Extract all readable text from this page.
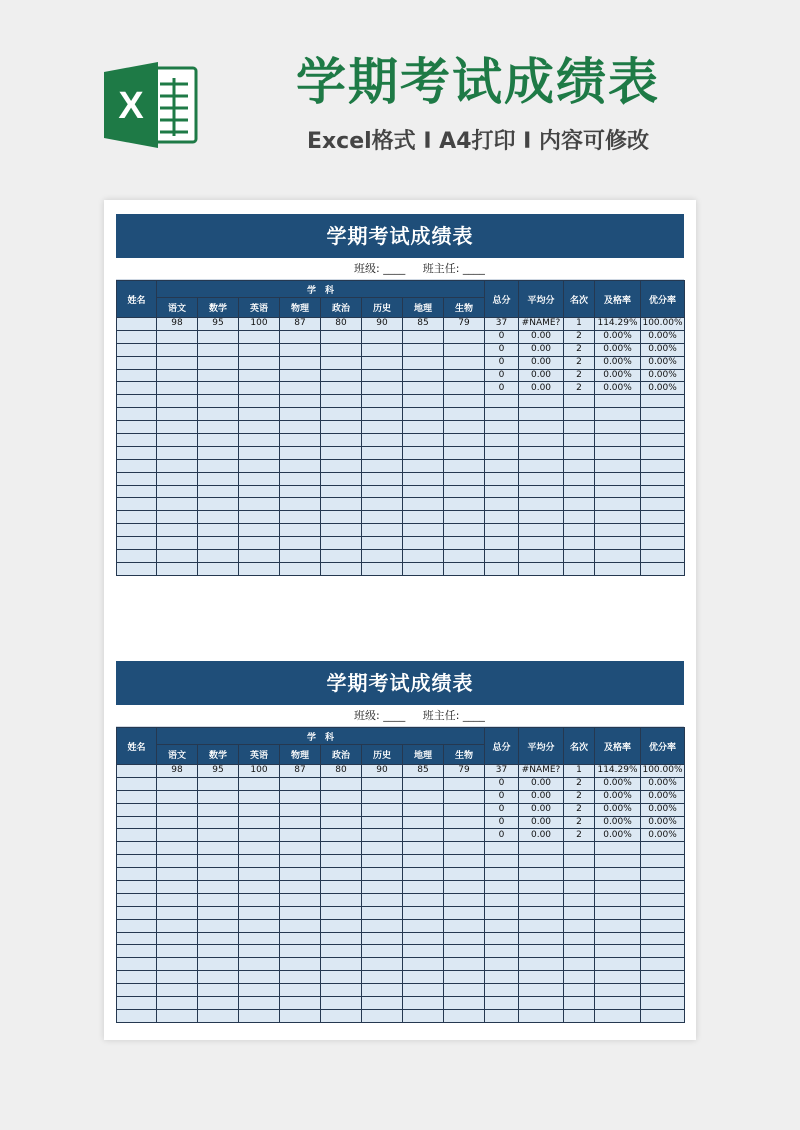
X	学期考试成绩表
Excel格式 Ι A4打印 Ι 内容可修改
学期考试成绩表
班级: ____ 班主任: ____
姓名	学　科								总分	平均分	名次	及格率	优分率
	语文	数学	英语	物理	政治	历史	地理	生物					
	98	95	100	87	80	90	85	79	37	#NAME?	1	114.29%	100.00%
									0	0.00	2	0.00%	0.00%
									0	0.00	2	0.00%	0.00%
									0	0.00	2	0.00%	0.00%
									0	0.00	2	0.00%	0.00%
									0	0.00	2	0.00%	0.00%

学期考试成绩表
班级: ____ 班主任: ____
姓名	学　科								总分	平均分	名次	及格率	优分率
	语文	数学	英语	物理	政治	历史	地理	生物					
	98	95	100	87	80	90	85	79	37	#NAME?	1	114.29%	100.00%
									0	0.00	2	0.00%	0.00%
									0	0.00	2	0.00%	0.00%
									0	0.00	2	0.00%	0.00%
									0	0.00	2	0.00%	0.00%
									0	0.00	2	0.00%	0.00%
